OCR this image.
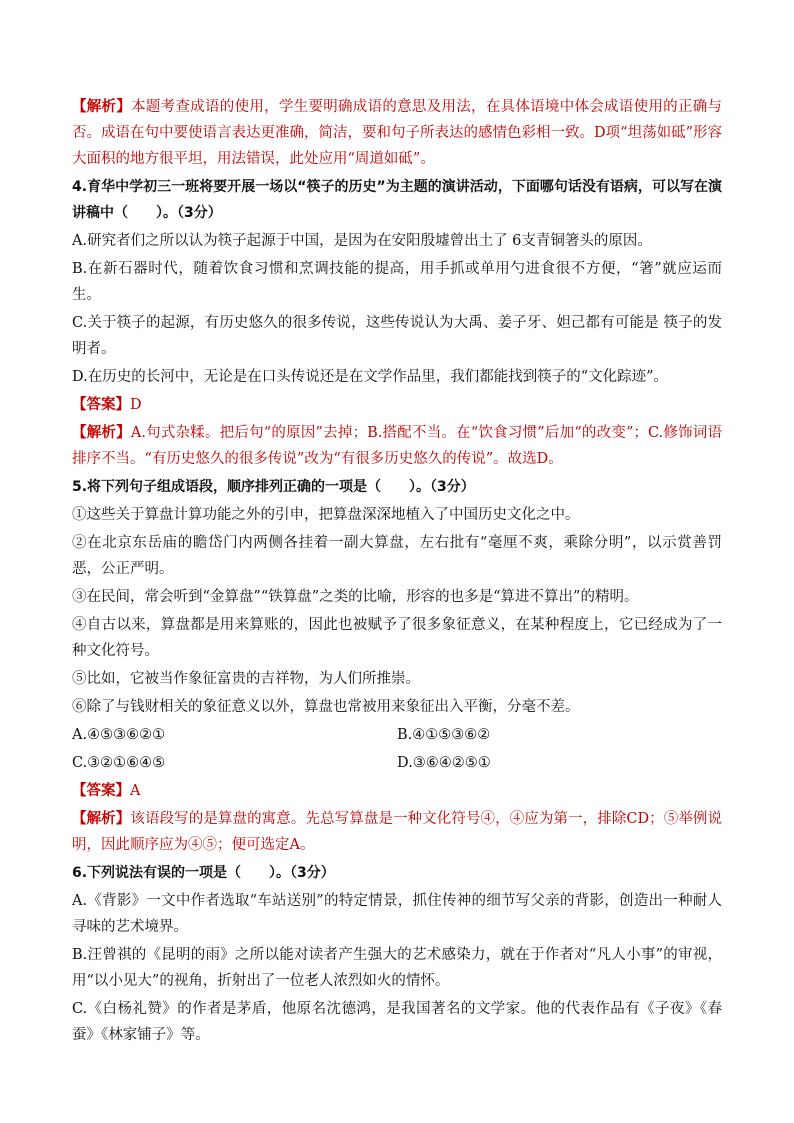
【解析】本题考查成语的使用，学生要明确成语的意思及用法，在具体语境中体会成语使用的正确与否。成语在句中要使语言表达更准确，简洁，要和句子所表达的感情色彩相一致。D项“坦荡如砥”形容大面积的地方很平坦，用法错误，此处应用“周道如砥”。

4.育华中学初三一班将要开展一场以“筷子的历史”为主题的演讲活动，下面哪句话没有语病，可以写在演讲稿中（　　）。（3分）

A.研究者们之所以认为筷子起源于中国，是因为在安阳殷墟曾出土了 6支青铜箸头的原因。

B.在新石器时代，随着饮食习惯和烹调技能的提高，用手抓或单用勺进食很不方便，“箸”就应运而生。

C.关于筷子的起源，有历史悠久的很多传说，这些传说认为大禹、姜子牙、妲己都有可能是 筷子的发明者。

D.在历史的长河中，无论是在口头传说还是在文学作品里，我们都能找到筷子的“文化踪迹”。

【答案】D

【解析】A.句式杂糅。把后句“的原因”去掉；B.搭配不当。在“饮食习惯”后加“的改变”；C.修饰词语排序不当。“有历史悠久的很多传说”改为“有很多历史悠久的传说”。故选D。

5.将下列句子组成语段，顺序排列正确的一项是（　　）。（3分）

①这些关于算盘计算功能之外的引申，把算盘深深地植入了中国历史文化之中。

②在北京东岳庙的瞻岱门内两侧各挂着一副大算盘，左右批有“毫厘不爽，乘除分明”，以示赏善罚恶，公正严明。

③在民间，常会听到“金算盘”“铁算盘”之类的比喻，形容的也多是“算进不算出”的精明。

④自古以来，算盘都是用来算账的，因此也被赋予了很多象征意义，在某种程度上，它已经成为了一种文化符号。

⑤比如，它被当作象征富贵的吉祥物，为人们所推崇。

⑥除了与钱财相关的象征意义以外，算盘也常被用来象征出入平衡，分毫不差。

A.④⑤③⑥②①	B.④①⑤③⑥②
C.③②①⑥④⑤	D.③⑥④②⑤①

【答案】A

【解析】该语段写的是算盘的寓意。先总写算盘是一种文化符号④，④应为第一，排除CD；⑤举例说明，因此顺序应为④⑤；便可选定A。

6.下列说法有误的一项是（　　）。（3分）

A.《背影》一文中作者选取“车站送别”的特定情景，抓住传神的细节写父亲的背影，创造出一种耐人寻味的艺术境界。

B.汪曾祺的《昆明的雨》之所以能对读者产生强大的艺术感染力，就在于作者对“凡人小事”的审视，用“以小见大”的视角，折射出了一位老人浓烈如火的情怀。

C.《白杨礼赞》的作者是茅盾，他原名沈德鸿，是我国著名的文学家。他的代表作品有《子夜》《春蚕》《林家铺子》等。
